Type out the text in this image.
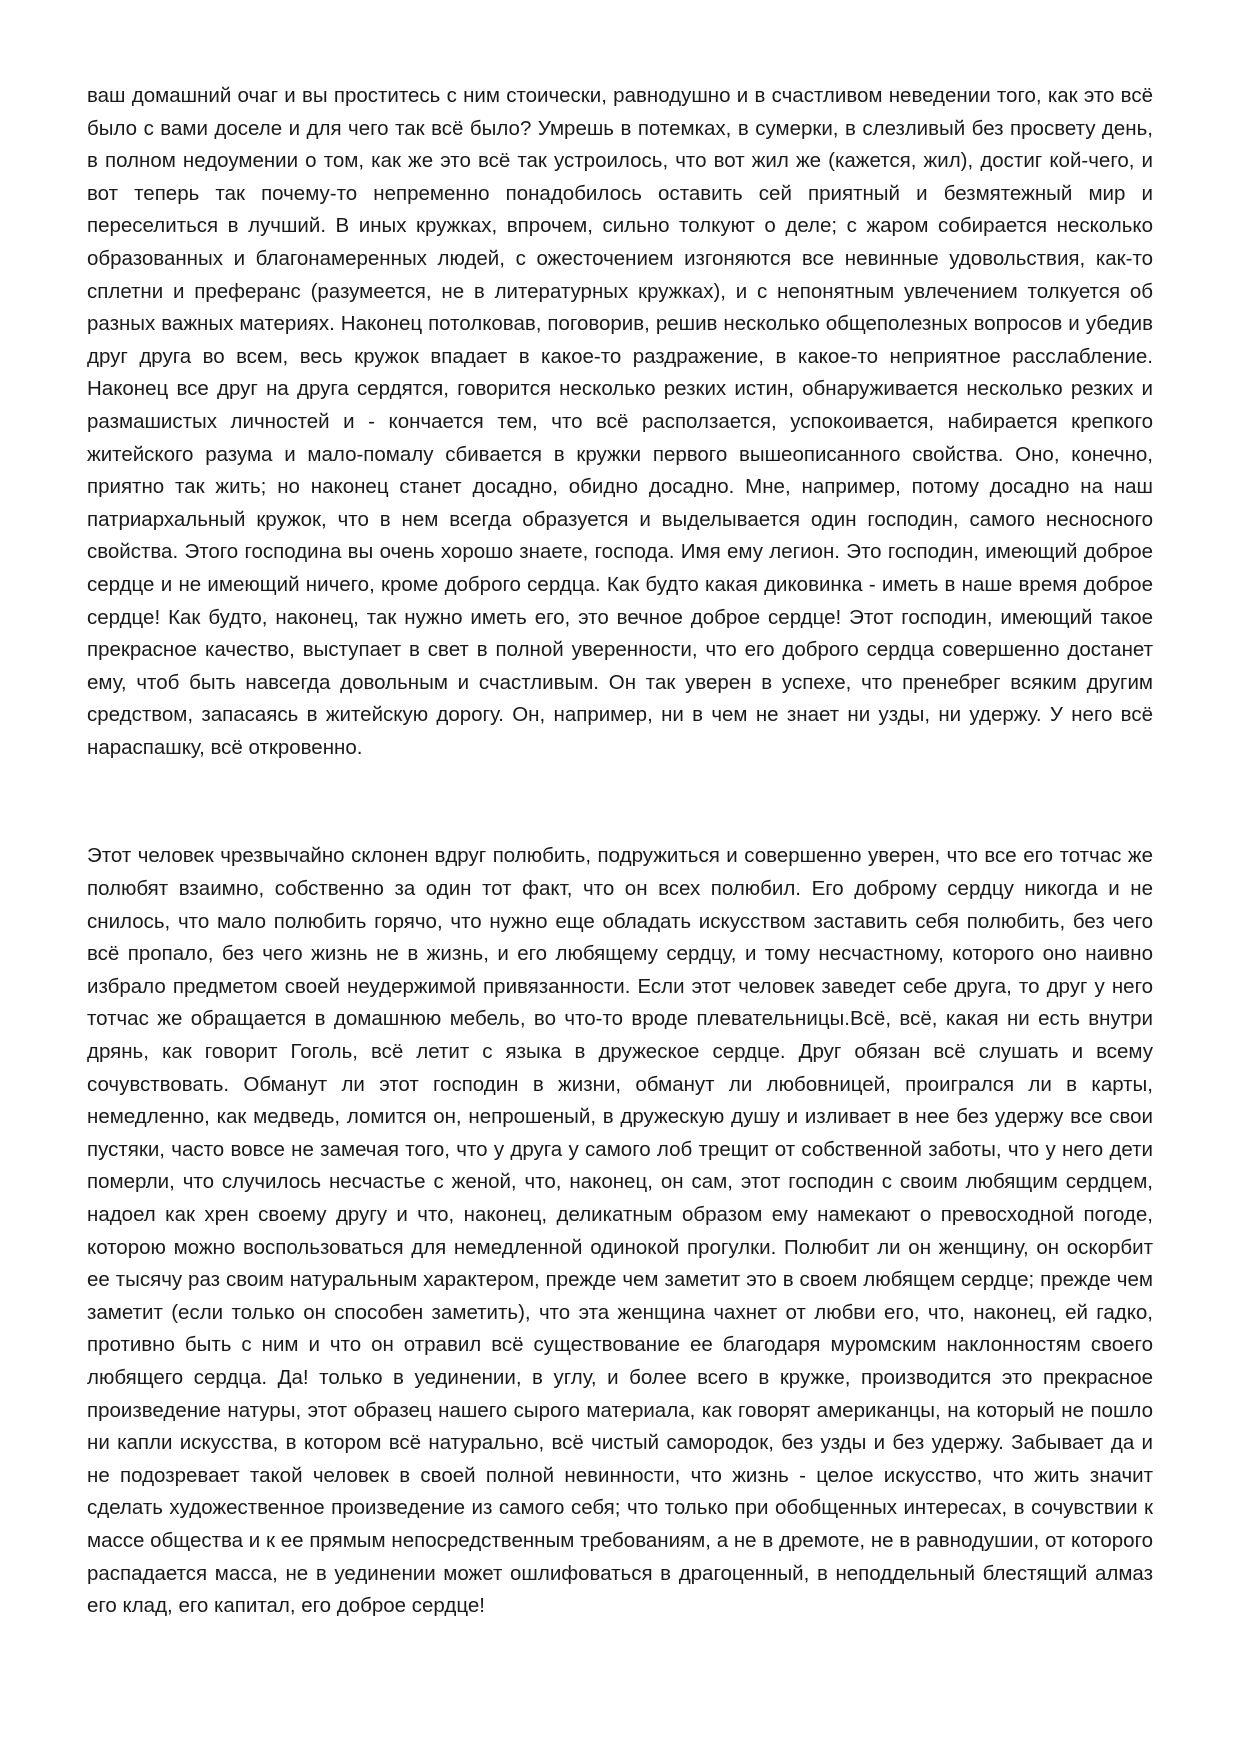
ваш домашний очаг и вы проститесь с ним стоически, равнодушно и в счастливом неведении того, как это всё было с вами доселе и для чего так всё было? Умрешь в потемках, в сумерки, в слезливый без просвету день, в полном недоумении о том, как же это всё так устроилось, что вот жил же (кажется, жил), достиг кой-чего, и вот теперь так почему-то непременно понадобилось оставить сей приятный и безмятежный мир и переселиться в лучший. В иных кружках, впрочем, сильно толкуют о деле; с жаром собирается несколько образованных и благонамеренных людей, с ожесточением изгоняются все невинные удовольствия, как-то сплетни и преферанс (разумеется, не в литературных кружках), и с непонятным увлечением толкуется об разных важных материях. Наконец потолковав, поговорив, решив несколько общеполезных вопросов и убедив друг друга во всем, весь кружок впадает в какое-то раздражение, в какое-то неприятное расслабление. Наконец все друг на друга сердятся, говорится несколько резких истин, обнаруживается несколько резких и размашистых личностей и - кончается тем, что всё расползается, успокоивается, набирается крепкого житейского разума и мало-помалу сбивается в кружки первого вышеописанного свойства. Оно, конечно, приятно так жить; но наконец станет досадно, обидно досадно. Мне, например, потому досадно на наш патриархальный кружок, что в нем всегда образуется и выделывается один господин, самого несносного свойства. Этого господина вы очень хорошо знаете, господа. Имя ему легион. Это господин, имеющий доброе сердце и не имеющий ничего, кроме доброго сердца. Как будто какая диковинка - иметь в наше время доброе сердце! Как будто, наконец, так нужно иметь его, это вечное доброе сердце! Этот господин, имеющий такое прекрасное качество, выступает в свет в полной уверенности, что его доброго сердца совершенно достанет ему, чтоб быть навсегда довольным и счастливым. Он так уверен в успехе, что пренебрег всяким другим средством, запасаясь в житейскую дорогу. Он, например, ни в чем не знает ни узды, ни удержу. У него всё нараспашку, всё откровенно.

Этот человек чрезвычайно склонен вдруг полюбить, подружиться и совершенно уверен, что все его тотчас же полюбят взаимно, собственно за один тот факт, что он всех полюбил. Его доброму сердцу никогда и не снилось, что мало полюбить горячо, что нужно еще обладать искусством заставить себя полюбить, без чего всё пропало, без чего жизнь не в жизнь, и его любящему сердцу, и тому несчастному, которого оно наивно избрало предметом своей неудержимой привязанности. Если этот человек заведет себе друга, то друг у него тотчас же обращается в домашнюю мебель, во что-то вроде плевательницы.Всё, всё, какая ни есть внутри дрянь, как говорит Гоголь, всё летит с языка в дружеское сердце. Друг обязан всё слушать и всему сочувствовать. Обманут ли этот господин в жизни, обманут ли любовницей, проигрался ли в карты, немедленно, как медведь, ломится он, непрошеный, в дружескую душу и изливает в нее без удержу все свои пустяки, часто вовсе не замечая того, что у друга у самого лоб трещит от собственной заботы, что у него дети померли, что случилось несчастье с женой, что, наконец, он сам, этот господин с своим любящим сердцем, надоел как хрен своему другу и что, наконец, деликатным образом ему намекают о превосходной погоде, которою можно воспользоваться для немедленной одинокой прогулки. Полюбит ли он женщину, он оскорбит ее тысячу раз своим натуральным характером, прежде чем заметит это в своем любящем сердце; прежде чем заметит (если только он способен заметить), что эта женщина чахнет от любви его, что, наконец, ей гадко, противно быть с ним и что он отравил всё существование ее благодаря муромским наклонностям своего любящего сердца. Да! только в уединении, в углу, и более всего в кружке, производится это прекрасное произведение натуры, этот образец нашего сырого материала, как говорят американцы, на который не пошло ни капли искусства, в котором всё натурально, всё чистый самородок, без узды и без удержу. Забывает да и не подозревает такой человек в своей полной невинности, что жизнь - целое искусство, что жить значит сделать художественное произведение из самого себя; что только при обобщенных интересах, в сочувствии к массе общества и к ее прямым непосредственным требованиям, а не в дремоте, не в равнодушии, от которого распадается масса, не в уединении может ошлифоваться в драгоценный, в неподдельный блестящий алмаз его клад, его капитал, его доброе сердце!
